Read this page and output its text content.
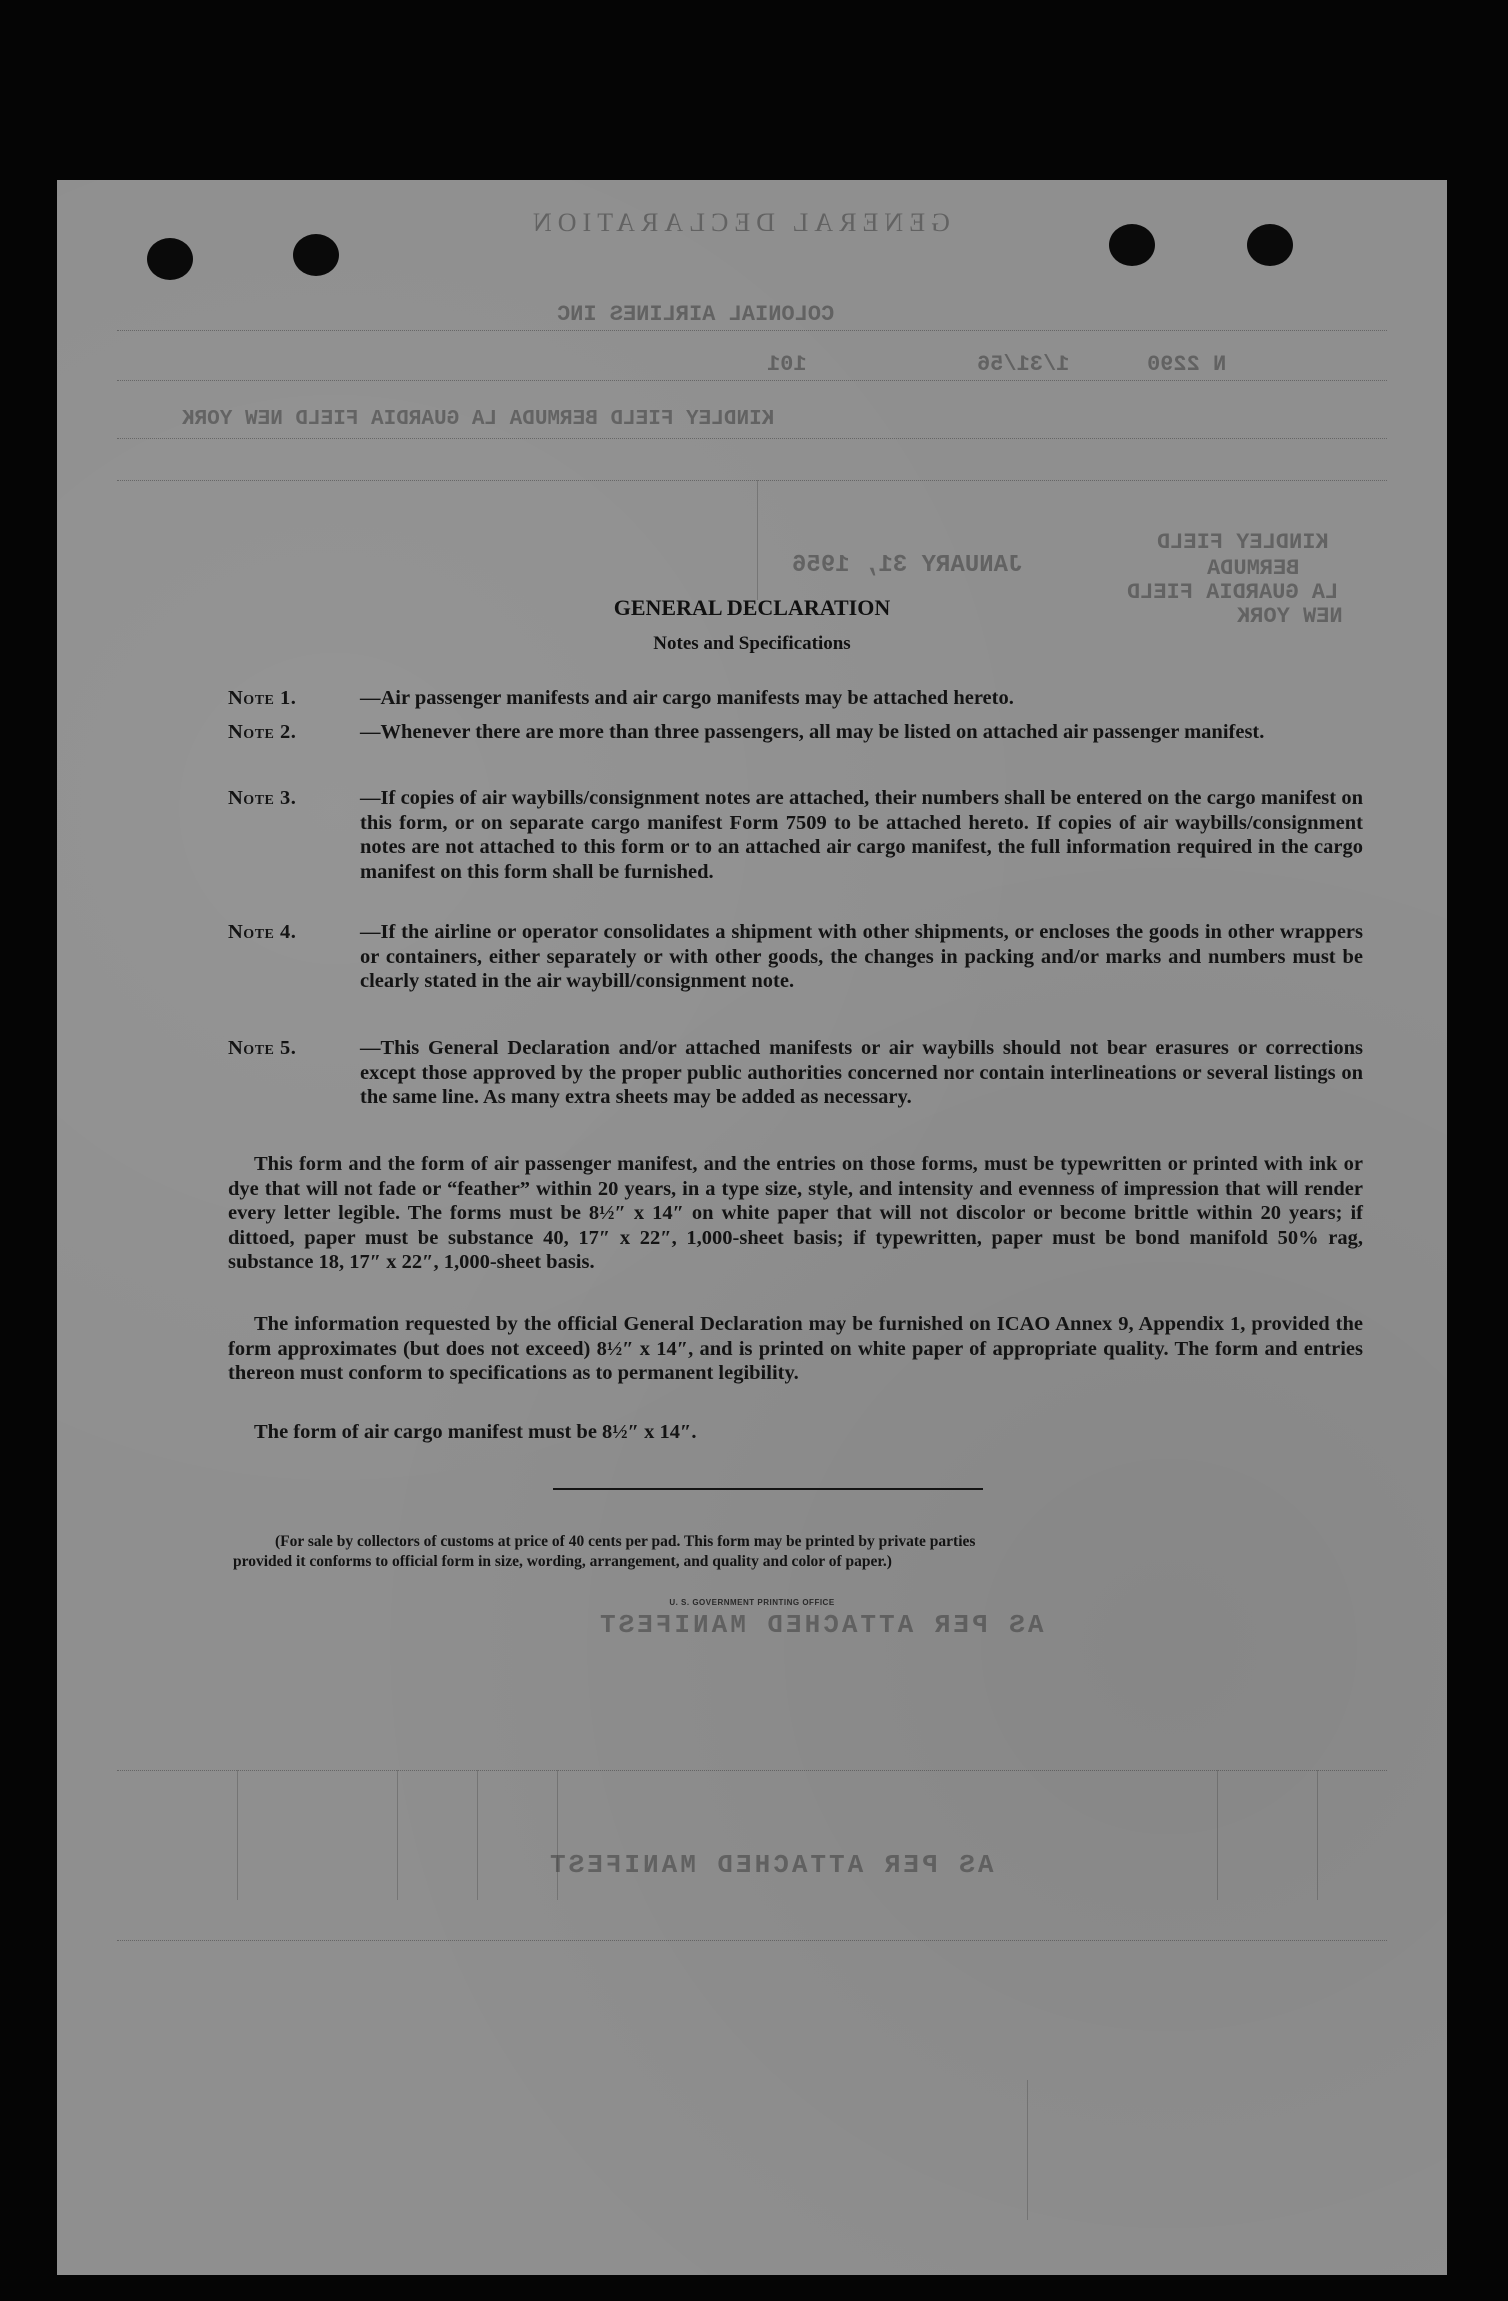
GENERAL DECLARATION
COLONIAL AIRLINES INC
101	1/31/56	N 2290
KINDLEY FIELD BERMUDA LA GUARDIA FIELD NEW YORK
KINDLEY FIELD
BERMUDA
LA GUARDIA FIELD
NEW YORK
JANUARY 31, 1956
AS PER ATTACHED MANIFEST
AS PER ATTACHED MANIFEST
GENERAL DECLARATION
Notes and Specifications
Note 1.	—Air passenger manifests and air cargo manifests may be attached hereto.
Note 2.	—Whenever there are more than three passengers, all may be listed on attached air passenger manifest.
Note 3.	—If copies of air waybills/consignment notes are attached, their numbers shall be entered on the cargo manifest on this form, or on separate cargo manifest Form 7509 to be attached hereto. If copies of air waybills/consignment notes are not attached to this form or to an attached air cargo manifest, the full information required in the cargo manifest on this form shall be furnished.
Note 4.	—If the airline or operator consolidates a shipment with other shipments, or encloses the goods in other wrappers or containers, either separately or with other goods, the changes in packing and/or marks and numbers must be clearly stated in the air waybill/consignment note.
Note 5.	—This General Declaration and/or attached manifests or air waybills should not bear erasures or corrections except those approved by the proper public authorities concerned nor contain interlineations or several listings on the same line. As many extra sheets may be added as necessary.
This form and the form of air passenger manifest, and the entries on those forms, must be typewritten or printed with ink or dye that will not fade or “feather” within 20 years, in a type size, style, and intensity and evenness of impression that will render every letter legible. The forms must be 8½″ x 14″ on white paper that will not discolor or become brittle within 20 years; if dittoed, paper must be substance 40, 17″ x 22″, 1,000-sheet basis; if typewritten, paper must be bond manifold 50% rag, substance 18, 17″ x 22″, 1,000-sheet basis.
The information requested by the official General Declaration may be furnished on ICAO Annex 9, Appendix 1, provided the form approximates (but does not exceed) 8½″ x 14″, and is printed on white paper of appropriate quality. The form and entries thereon must conform to specifications as to permanent legibility.
The form of air cargo manifest must be 8½″ x 14″.
(For sale by collectors of customs at price of 40 cents per pad. This form may be printed by private parties
provided it conforms to official form in size, wording, arrangement, and quality and color of paper.)
U. S. GOVERNMENT PRINTING OFFICE
